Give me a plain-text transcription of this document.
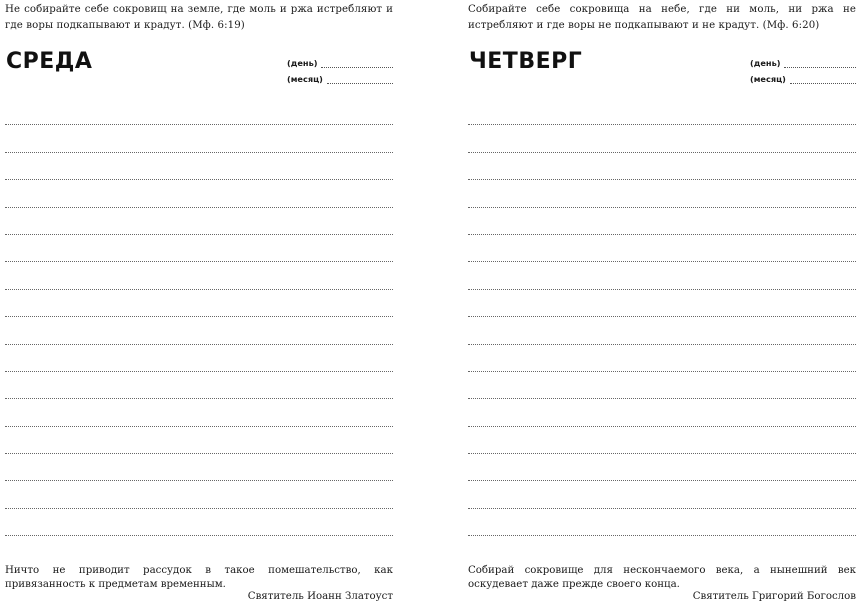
Не собирайте себе сокровищ на земле, где моль и ржа истребляют и где воры подкапывают и крадут. (Мф. 6:19)
СРЕДА	(день)
(месяц)
Ничто не приводит рассудок в такое помешательство, как привязанность к предметам временным.
Святитель Иоанн Златоуст
Собирайте себе сокровища на небе, где ни моль, ни ржа не истребляют и где воры не подкапывают и не крадут. (Мф. 6:20)
ЧЕТВЕРГ	(день)
(месяц)
Собирай сокровище для нескончаемого века, а нынешний век оскудевает даже прежде своего конца.
Святитель Григорий Богослов
